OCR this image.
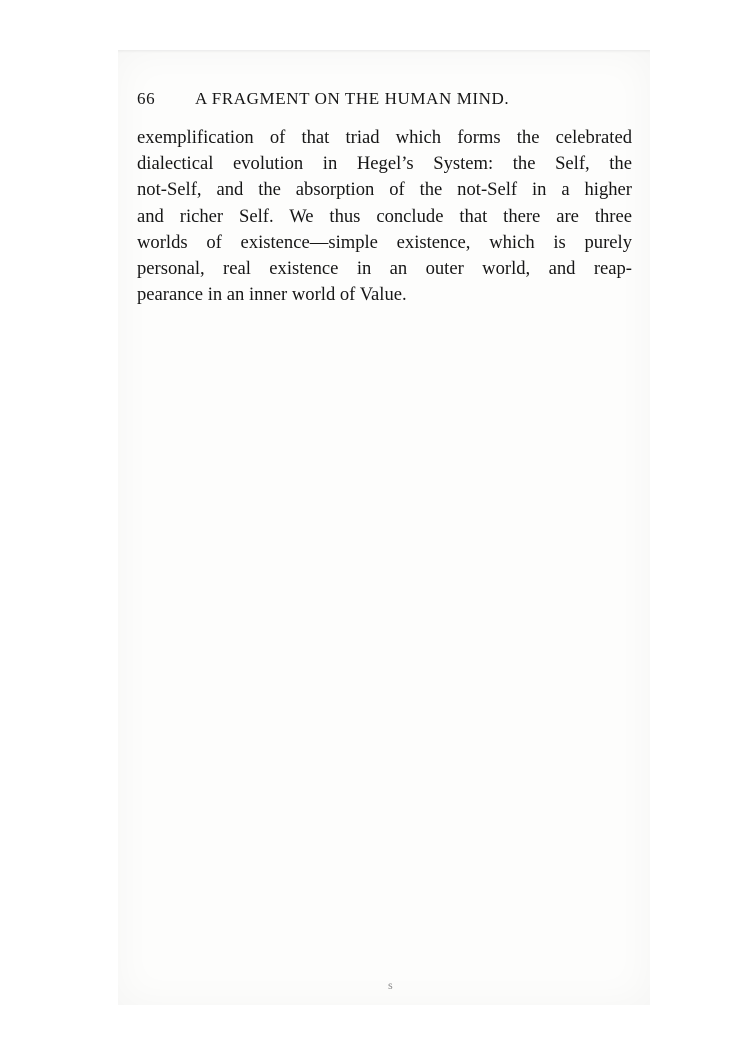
66	A FRAGMENT ON THE HUMAN MIND.
exemplification of that triad which forms the celebrated
dialectical evolution in Hegel’s System: the Self, the
not-Self, and the absorption of the not-Self in a higher
and richer Self. We thus conclude that there are three
worlds of existence—simple existence, which is purely
personal, real existence in an outer world, and reap-
pearance in an inner world of Value.
s
